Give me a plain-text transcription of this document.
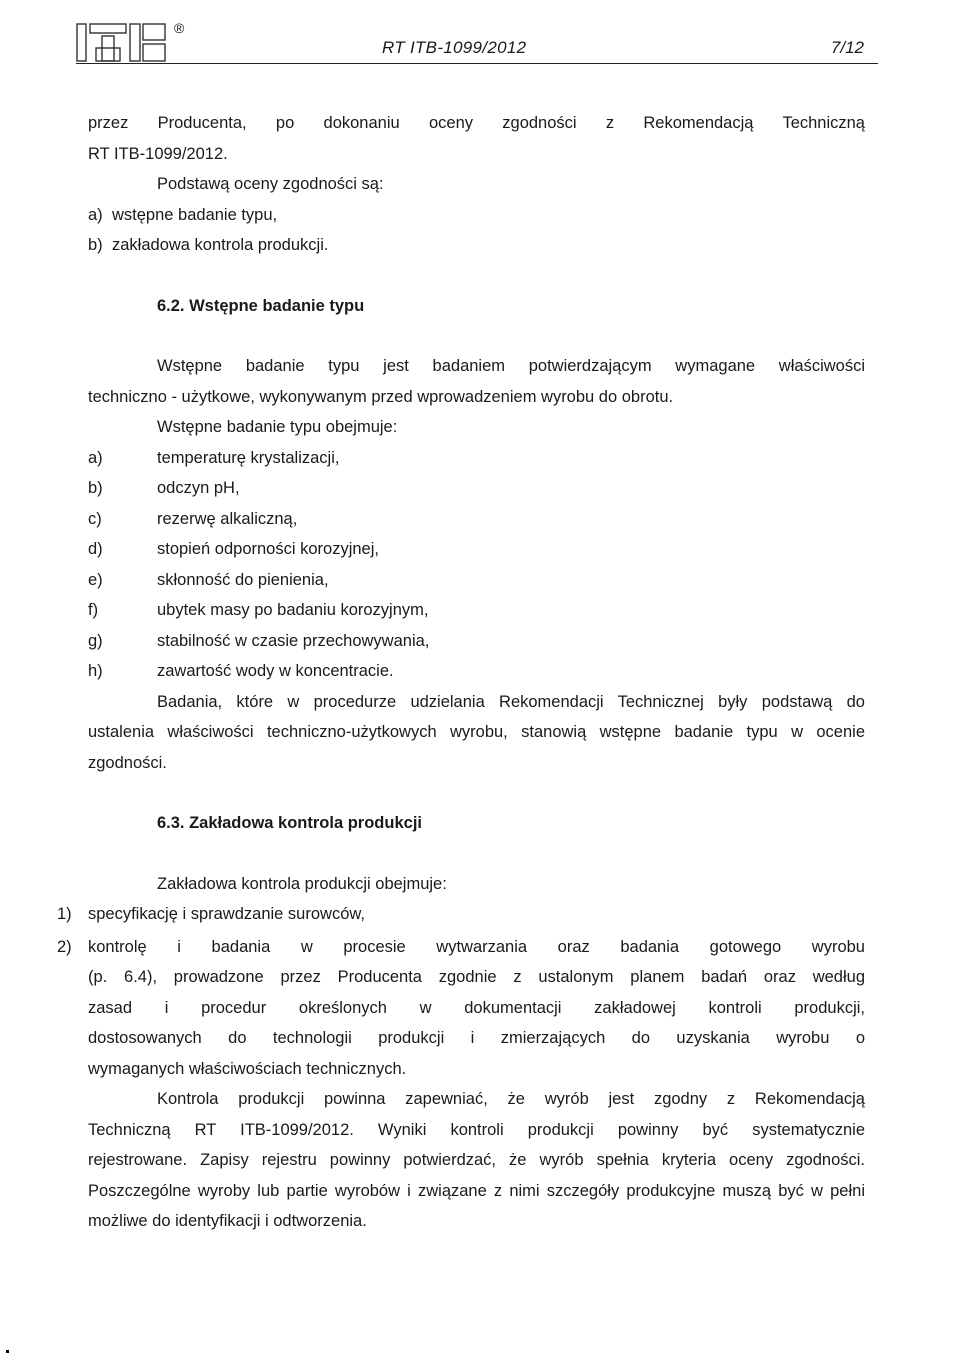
®
RT ITB-1099/2012	7/12

przez Producenta, po dokonaniu oceny zgodności z Rekomendacją Techniczną

RT ITB-1099/2012.

Podstawą oceny zgodności są:

a) wstępne badanie typu,
b) zakładowa kontrola produkcji.

6.2. Wstępne badanie typu

Wstępne badanie typu jest badaniem potwierdzającym wymagane właściwości

techniczno - użytkowe, wykonywanym przed wprowadzeniem wyrobu do obrotu.

Wstępne badanie typu obejmuje:

a)	temperaturę krystalizacji,
b)	odczyn pH,
c)	rezerwę alkaliczną,
d)	stopień odporności korozyjnej,
e)	skłonność do pienienia,
f)	ubytek masy po badaniu korozyjnym,
g)	stabilność w czasie przechowywania,
h)	zawartość wody w koncentracie.

Badania, które w procedurze udzielania Rekomendacji Technicznej były podstawą do

ustalenia właściwości techniczno-użytkowych wyrobu, stanowią wstępne badanie typu w ocenie

zgodności.

6.3. Zakładowa kontrola produkcji

Zakładowa kontrola produkcji obejmuje:

1) specyfikację i sprawdzanie surowców,
2) kontrolę i badania w procesie wytwarzania oraz badania gotowego wyrobu
(p. 6.4), prowadzone przez Producenta zgodnie z ustalonym planem badań oraz według
zasad i procedur określonych w dokumentacji zakładowej kontroli produkcji,
dostosowanych do technologii produkcji i zmierzających do uzyskania wyrobu o
wymaganych właściwościach technicznych.

Kontrola produkcji powinna zapewniać, że wyrób jest zgodny z Rekomendacją

Techniczną RT ITB-1099/2012. Wyniki kontroli produkcji powinny być systematycznie

rejestrowane. Zapisy rejestru powinny potwierdzać, że wyrób spełnia kryteria oceny zgodności.

Poszczególne wyroby lub partie wyrobów i związane z nimi szczegóły produkcyjne muszą być w pełni

możliwe do identyfikacji i odtworzenia.
